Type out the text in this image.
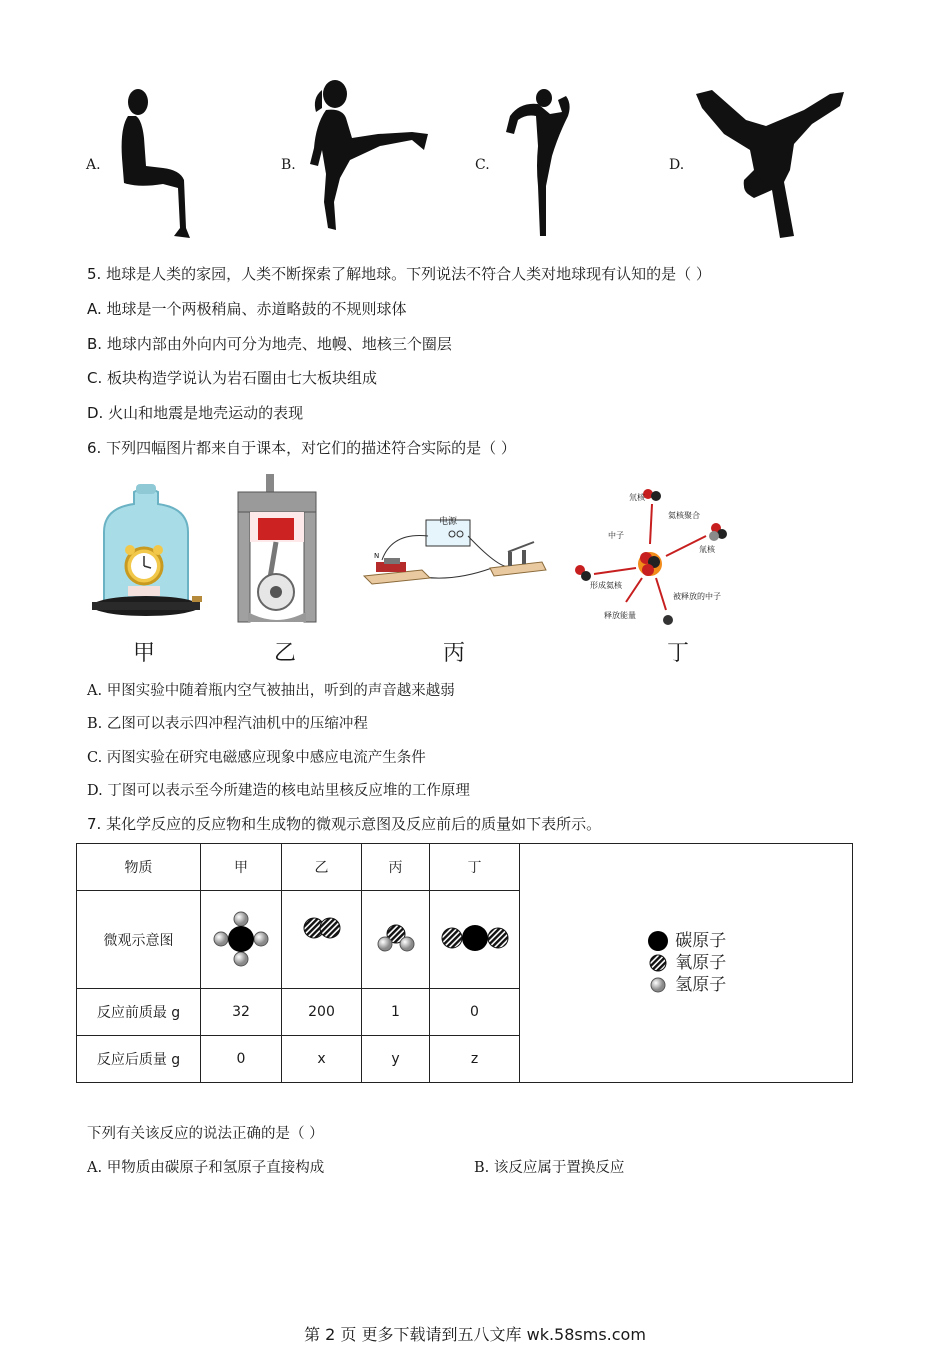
A.	B.	C.	D.
5. 地球是人类的家园，人类不断探索了解地球。下列说法不符合人类对地球现有认知的是（ ）
A. 地球是一个两极稍扁、赤道略鼓的不规则球体
B. 地球内部由外向内可分为地壳、地幔、地核三个圈层
C. 板块构造学说认为岩石圈由七大板块组成
D. 火山和地震是地壳运动的表现
6. 下列四幅图片都来自于课本，对它们的描述符合实际的是（ ）
N
电源
氘核
氦核聚合
中子
氚核
形成氦核
被释放的中子
释放能量
甲	乙	丙	丁
A. 甲图实验中随着瓶内空气被抽出，听到的声音越来越弱
B. 乙图可以表示四冲程汽油机中的压缩冲程
C. 丙图实验在研究电磁感应现象中感应电流产生条件
D. 丁图可以表示至今所建造的核电站里核反应堆的工作原理
7. 某化学反应的反应物和生成物的微观示意图及反应前后的质量如下表所示。
物质	甲	乙	丙	丁	碳原子
氧原子
氢原子

微观示意图				
反应前质最 g	32	200	1	0	
反应后质量 g	0	x	y	z	
下列有关该反应的说法正确的是（ ）
A. 甲物质由碳原子和氢原子直接构成	B. 该反应属于置换反应
第 2 页 更多下载请到五八文库 wk.58sms.com
